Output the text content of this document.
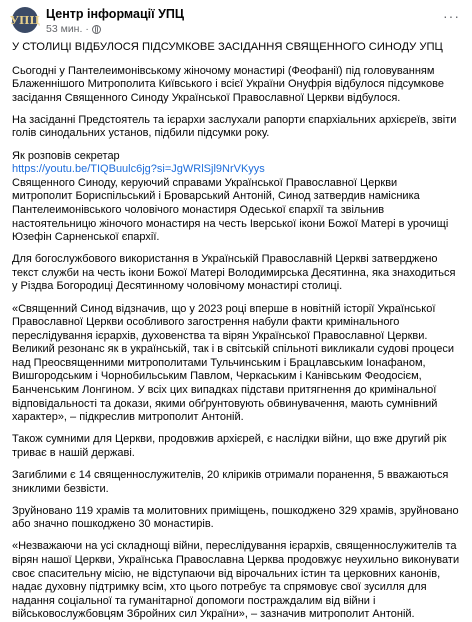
УПЦ Центр інформації УПЦ
53 мин. ·
···

У СТОЛИЦІ ВІДБУЛОСЯ ПІДСУМКОВЕ ЗАСІДАННЯ СВЯЩЕННОГО СИНОДУ УПЦ

Сьогодні у Пантелеимонівському жіночому монастирі (Феофанії) під головуванням Блаженнішого Митрополита Київського і всієї України Онуфрія відбулося підсумкове засідання Священного Синоду Української Православної Церкви відбулося.

На засіданні Предстоятель та ієрархи заслухали рапорти єпархіальних архієреїв, звіти голів синодальних установ, підбили підсумки року.

Як розповів секретар
https://youtu.be/TIQBuulc6jg?si=JgWRlSjl9NrVKyys
Священного Синоду, керуючий справами Української Православної Церкви митрополит Бориспільський і Броварський Антоній, Синод затвердив намісника Пантелеимонівського чоловічого монастиря Одеської єпархії та звільнив настоятельницю жіночого монастиря на честь Іверської ікони Божої Матері в урочищі Юзефін Сарненської єпархії.

Для богослужбового використання в Українській Православній Церкві затверджено текст служби на честь ікони Божої Матері Володимирська Десятинна, яка знаходиться у Різдва Богородиці Десятинному чоловічому монастирі столиці.

«Священний Синод відзначив, що у 2023 році вперше в новітній історії Української Православної Церкви особливого загострення набули факти кримінального переслідування ієрархів, духовенства та вірян Української Православної Церкви. Великий резонанс як в українській, так і в світській спільноті викликали судові процеси над Преосвященними митрополитами Тульчинським і Брацлавським Іонафаном, Вишгородським і Чорнобильським Павлом, Черкаським і Канівським Феодосієм, Банченським Лонгином. У всіх цих випадках підстави притягнення до кримінальної відповідальності та докази, якими обґрунтовують обвинувачення, мають сумнівний характер», – підкреслив митрополит Антоній.

Також сумними для Церкви, продовжив архієрей, є наслідки війни, що вже другий рік триває в нашій державі.

Загиблими є 14 священнослужителів, 20 кліриків отримали поранення, 5 вважаються зниклими безвісти.

Зруйновано 119 храмів та молитовних приміщень, пошкоджено 329 храмів, зруйновано або значно пошкоджено 30 монастирів.

«Незважаючи на усі складнощі війни, переслідування ієрархів, священнослужителів та вірян нашої Церкви, Українська Православна Церква продовжує неухильно виконувати своє спасительну місію, не відступаючи від вірочальних істин та церковних канонів, надає духовну підтримку всім, хто цього потребує та спрямовує свої зусилля для надання соціальної та гуманітарної допомоги постраждалим від війни і військовослужбовцям Збройних сил України», – зазначив митрополит Антоній.
